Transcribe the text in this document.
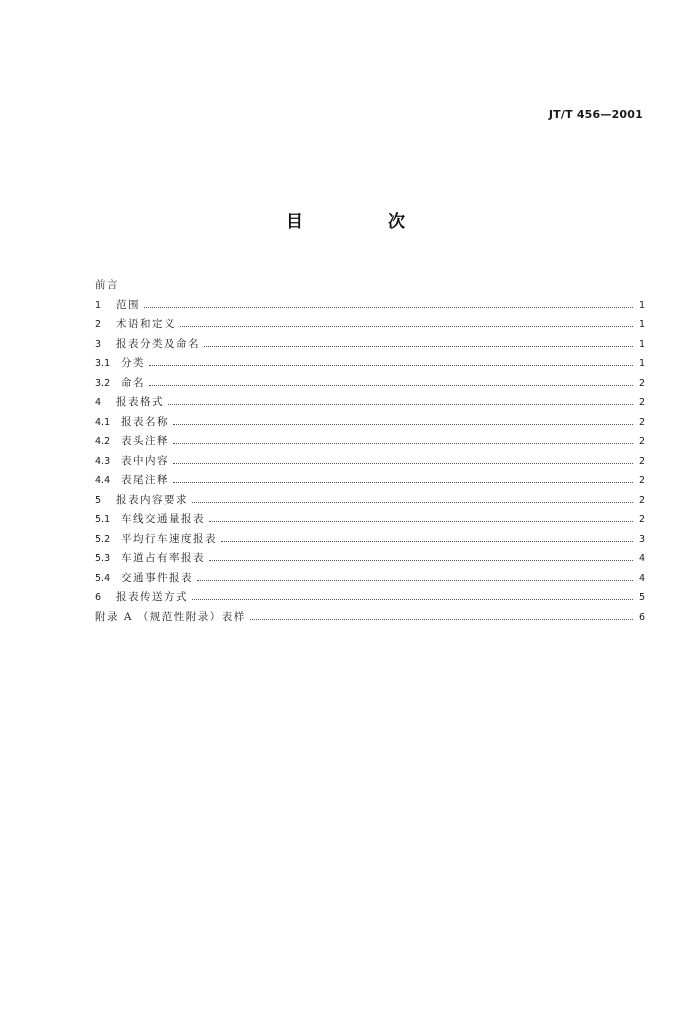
JT/T 456—2001
目　次
前言
1	范围	1
2	术语和定义	1
3	报表分类及命名	1
3.1	分类	1
3.2	命名	2
4	报表格式	2
4.1	报表名称	2
4.2	表头注释	2
4.3	表中内容	2
4.4	表尾注释	2
5	报表内容要求	2
5.1	车线交通量报表	2
5.2	平均行车速度报表	3
5.3	车道占有率报表	4
5.4	交通事件报表	4
6	报表传送方式	5
附录 A （规范性附录）表样	6
